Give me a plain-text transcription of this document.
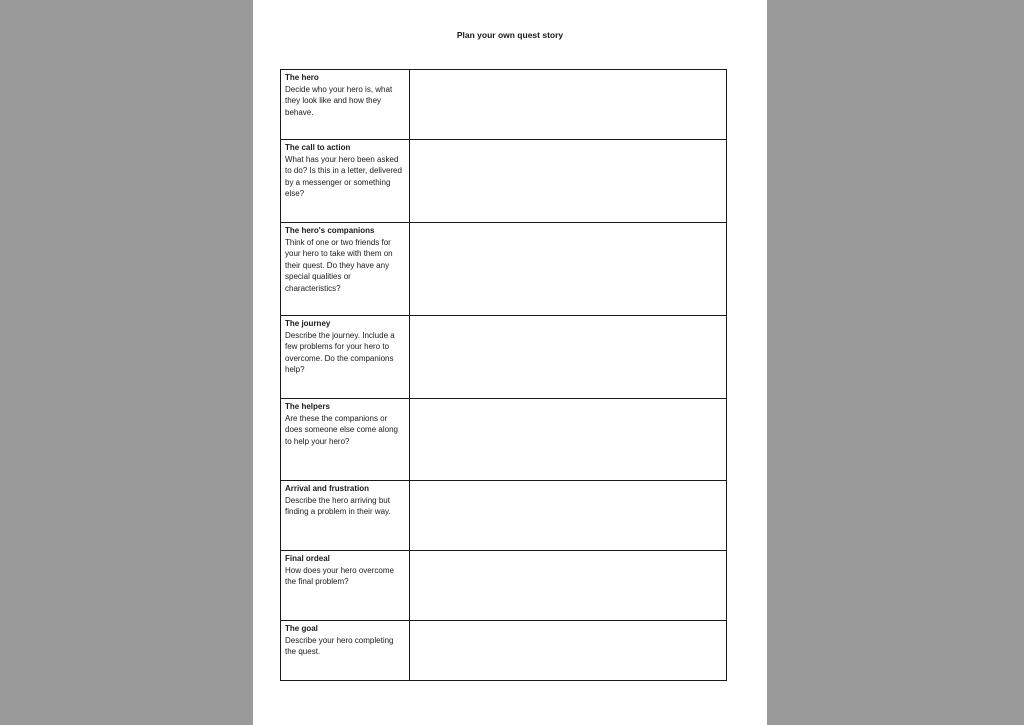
Plan your own quest story
The hero
Decide who your hero is, what they look like and how they behave.	

The call to action
What has your hero been asked to do? Is this in a letter, delivered by a messenger or something else?	

The hero's companions
Think of one or two friends for your hero to take with them on their quest. Do they have any special qualities or characteristics?	

The journey
Describe the journey. Include a few problems for your hero to overcome. Do the companions help?	

The helpers
Are these the companions or does someone else come along to help your hero?	

Arrival and frustration
Describe the hero arriving but finding a problem in their way.	

Final ordeal
How does your hero overcome the final problem?	

The goal
Describe your hero completing the quest.	
